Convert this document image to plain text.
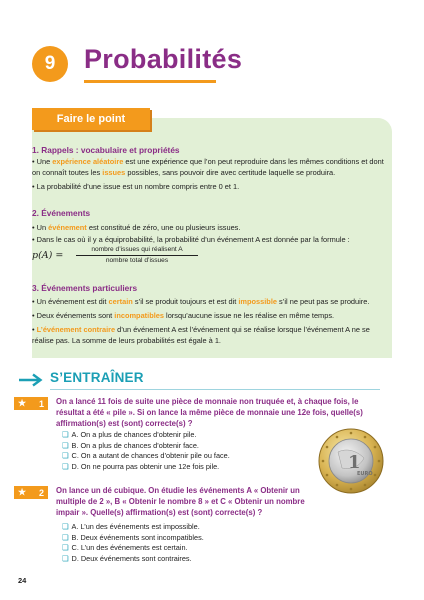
9 Probabilités
Faire le point
1. Rappels : vocabulaire et propriétés
• Une expérience aléatoire est une expérience que l’on peut reproduire dans les mêmes conditions et dont on connaît toutes les issues possibles, sans pouvoir dire avec certitude laquelle se produira.
• La probabilité d’une issue est un nombre compris entre 0 et 1.
2. Événements
• Un événement est constitué de zéro, une ou plusieurs issues.
• Dans le cas où il y a équiprobabilité, la probabilité d’un événement A est donnée par la formule :
p(A) =
nombre d’issues qui réalisent A
nombre total d’issues
3. Événements particuliers
• Un événement est dit certain s’il se produit toujours et est dit impossible s’il ne peut pas se produire.
• Deux événements sont incompatibles lorsqu’aucune issue ne les réalise en même temps.
• L’événement contraire d’un événement A est l’événement qui se réalise lorsque l’événement A ne se réalise pas. La somme de leurs probabilités est égale à 1.
S’ENTRAÎNER
★ 1 On a lancé 11 fois de suite une pièce de monnaie non truquée et, à chaque fois, le résultat a été « pile ». Si on lance la même pièce de monnaie une 12e fois, quelle(s) affirmation(s) est (sont) correcte(s) ?
❏ A. On a plus de chances d’obtenir pile.
❏ B. On a plus de chances d’obtenir face.
❏ C. On a autant de chances d’obtenir pile ou face.
❏ D. On ne pourra pas obtenir une 12e fois pile.	1
EURO
★ 2 On lance un dé cubique. On étudie les événements A « Obtenir un multiple de 2 », B « Obtenir le nombre 8 » et C « Obtenir un nombre impair ». Quelle(s) affirmation(s) est (sont) correcte(s) ?
❏ A. L’un des événements est impossible.
❏ B. Deux événements sont incompatibles.
❏ C. L’un des événements est certain.
❏ D. Deux événements sont contraires.
24
